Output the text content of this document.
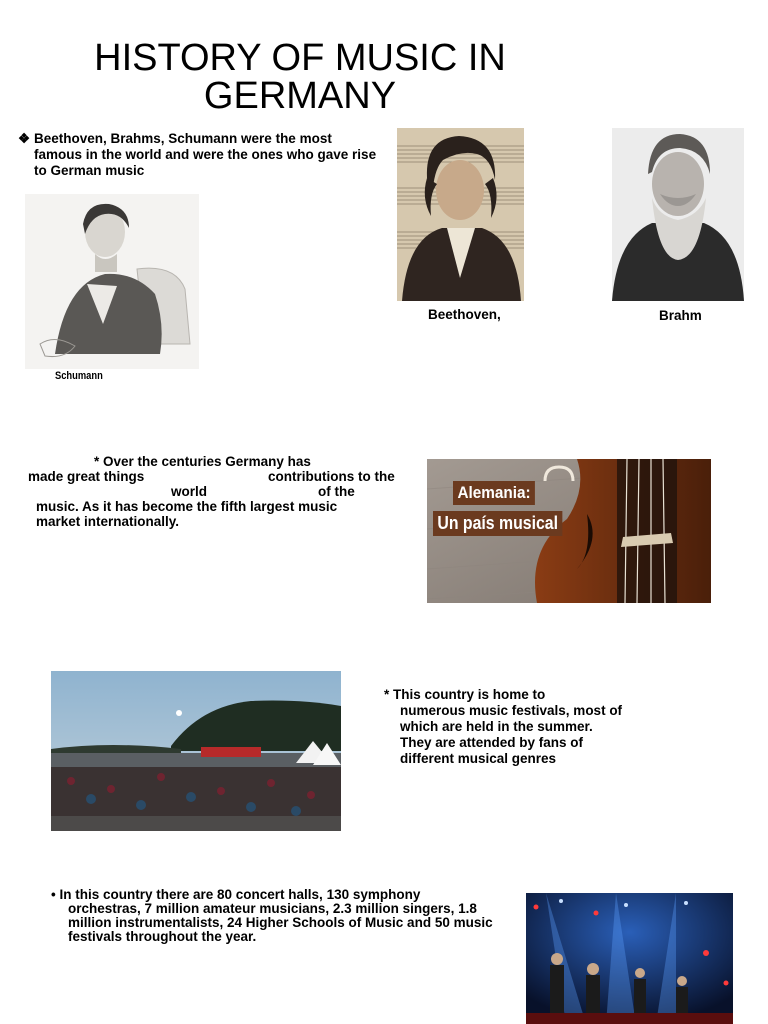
HISTORY OF MUSIC IN GERMANY
❖ Beethoven, Brahms, Schumann were the most famous in the world and were the ones who gave rise to German music
Schumann
Beethoven,	Brahm
* Over the centuries Germany has
made great things	contributions to the
world	of the
music. As it has become the fifth largest music
market internationally.
Alemania:
Un país musical
* This country is home to
numerous music festivals, most of which are held in the summer. They are attended by fans of different musical genres
• In this country there are 80 concert halls, 130 symphony
orchestras, 7 million amateur musicians, 2.3 million singers, 1.8 million instrumentalists, 24 Higher Schools of Music and 50 music festivals throughout the year.
